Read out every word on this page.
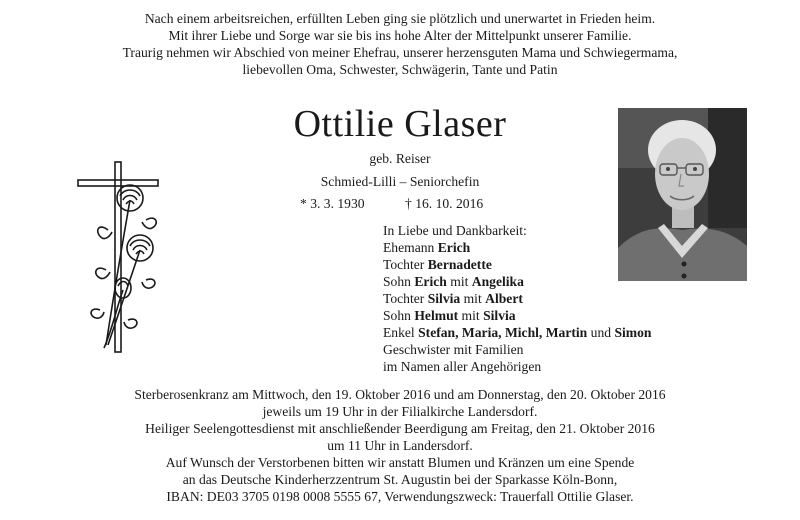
Nach einem arbeitsreichen, erfüllten Leben ging sie plötzlich und unerwartet in Frieden heim.
Mit ihrer Liebe und Sorge war sie bis ins hohe Alter der Mittelpunkt unserer Familie.
Traurig nehmen wir Abschied von meiner Ehefrau, unserer herzensguten Mama und Schwiegermama,
liebevollen Oma, Schwester, Schwägerin, Tante und Patin
Ottilie Glaser
geb. Reiser
Schmied-Lilli – Seniorchefin
* 3. 3. 1930	† 16. 10. 2016
In Liebe und Dankbarkeit:
Ehemann Erich
Tochter Bernadette
Sohn Erich mit Angelika
Tochter Silvia mit Albert
Sohn Helmut mit Silvia
Enkel Stefan, Maria, Michl, Martin und Simon
Geschwister mit Familien
im Namen aller Angehörigen
Sterberosenkranz am Mittwoch, den 19. Oktober 2016 und am Donnerstag, den 20. Oktober 2016
jeweils um 19 Uhr in der Filialkirche Landersdorf.
Heiliger Seelengottesdienst mit anschließender Beerdigung am Freitag, den 21. Oktober 2016
um 11 Uhr in Landersdorf.
Auf Wunsch der Verstorbenen bitten wir anstatt Blumen und Kränzen um eine Spende
an das Deutsche Kinderherzzentrum St. Augustin bei der Sparkasse Köln-Bonn,
IBAN: DE03 3705 0198 0008 5555 67, Verwendungszweck: Trauerfall Ottilie Glaser.
